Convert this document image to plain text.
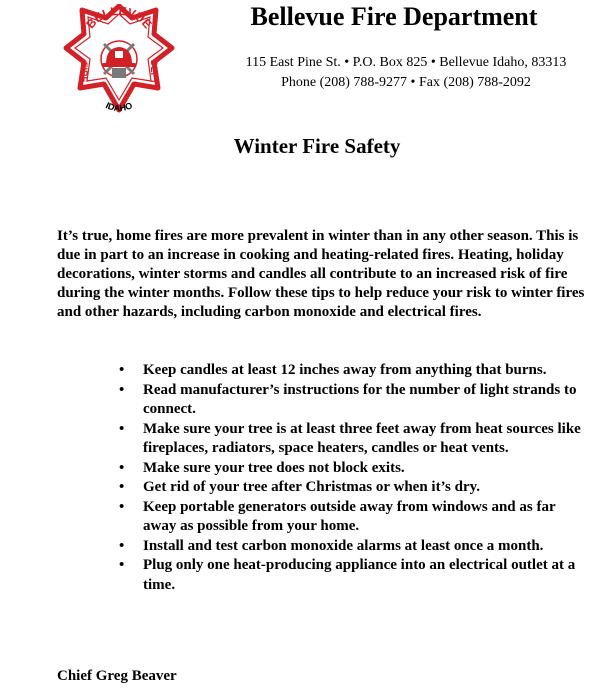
BELLEVUE
IDAHO
FIRE	DEPT
Bellevue Fire Department
115 East Pine St. • P.O. Box 825 • Bellevue Idaho, 83313
Phone (208) 788-9277 • Fax (208) 788-2092
Winter Fire Safety

It’s true, home fires are more prevalent in winter than in any other season. This is due in part to an increase in cooking and heating-related fires. Heating, holiday decorations, winter storms and candles all contribute to an increased risk of fire during the winter months. Follow these tips to help reduce your risk to winter fires and other hazards, including carbon monoxide and electrical fires.

• Keep candles at least 12 inches away from anything that burns.
• Read manufacturer’s instructions for the number of light strands to connect.
• Make sure your tree is at least three feet away from heat sources like fireplaces, radiators, space heaters, candles or heat vents.
• Make sure your tree does not block exits.
• Get rid of your tree after Christmas or when it’s dry.
• Keep portable generators outside away from windows and as far away as possible from your home.
• Install and test carbon monoxide alarms at least once a month.
• Plug only one heat-producing appliance into an electrical outlet at a time.
Chief Greg Beaver
